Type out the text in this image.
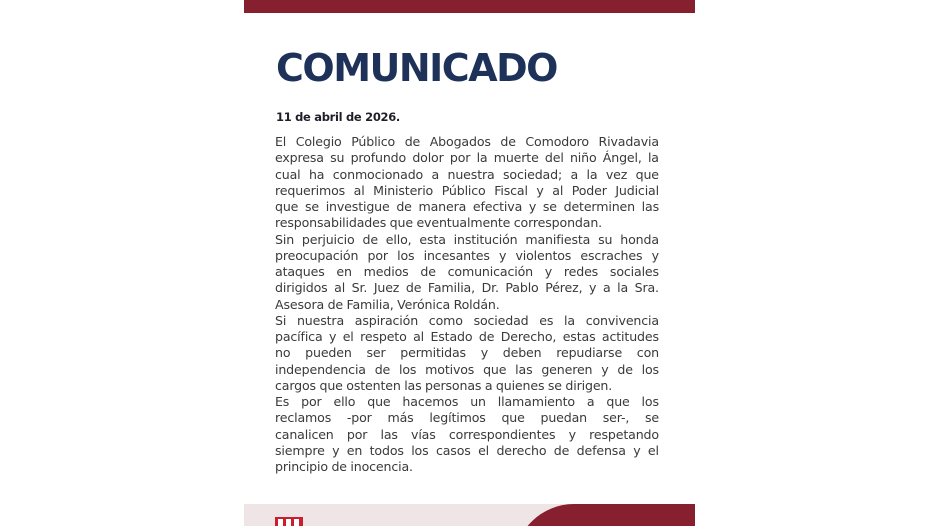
COMUNICADO
11 de abril de 2026.
El Colegio Público de Abogados de Comodoro Rivadavia
expresa su profundo dolor por la muerte del niño Ángel, la
cual ha conmocionado a nuestra sociedad; a la vez que
requerimos al Ministerio Público Fiscal y al Poder Judicial
que se investigue de manera efectiva y se determinen las
responsabilidades que eventualmente correspondan.
Sin perjuicio de ello, esta institución manifiesta su honda
preocupación por los incesantes y violentos escraches y
ataques en medios de comunicación y redes sociales
dirigidos al Sr. Juez de Familia, Dr. Pablo Pérez, y a la Sra.
Asesora de Familia, Verónica Roldán.
Si nuestra aspiración como sociedad es la convivencia
pacífica y el respeto al Estado de Derecho, estas actitudes
no pueden ser permitidas y deben repudiarse con
independencia de los motivos que las generen y de los
cargos que ostenten las personas a quienes se dirigen.
Es por ello que hacemos un llamamiento a que los
reclamos -por más legítimos que puedan ser-, se
canalicen por las vías correspondientes y respetando
siempre y en todos los casos el derecho de defensa y el
principio de inocencia.
